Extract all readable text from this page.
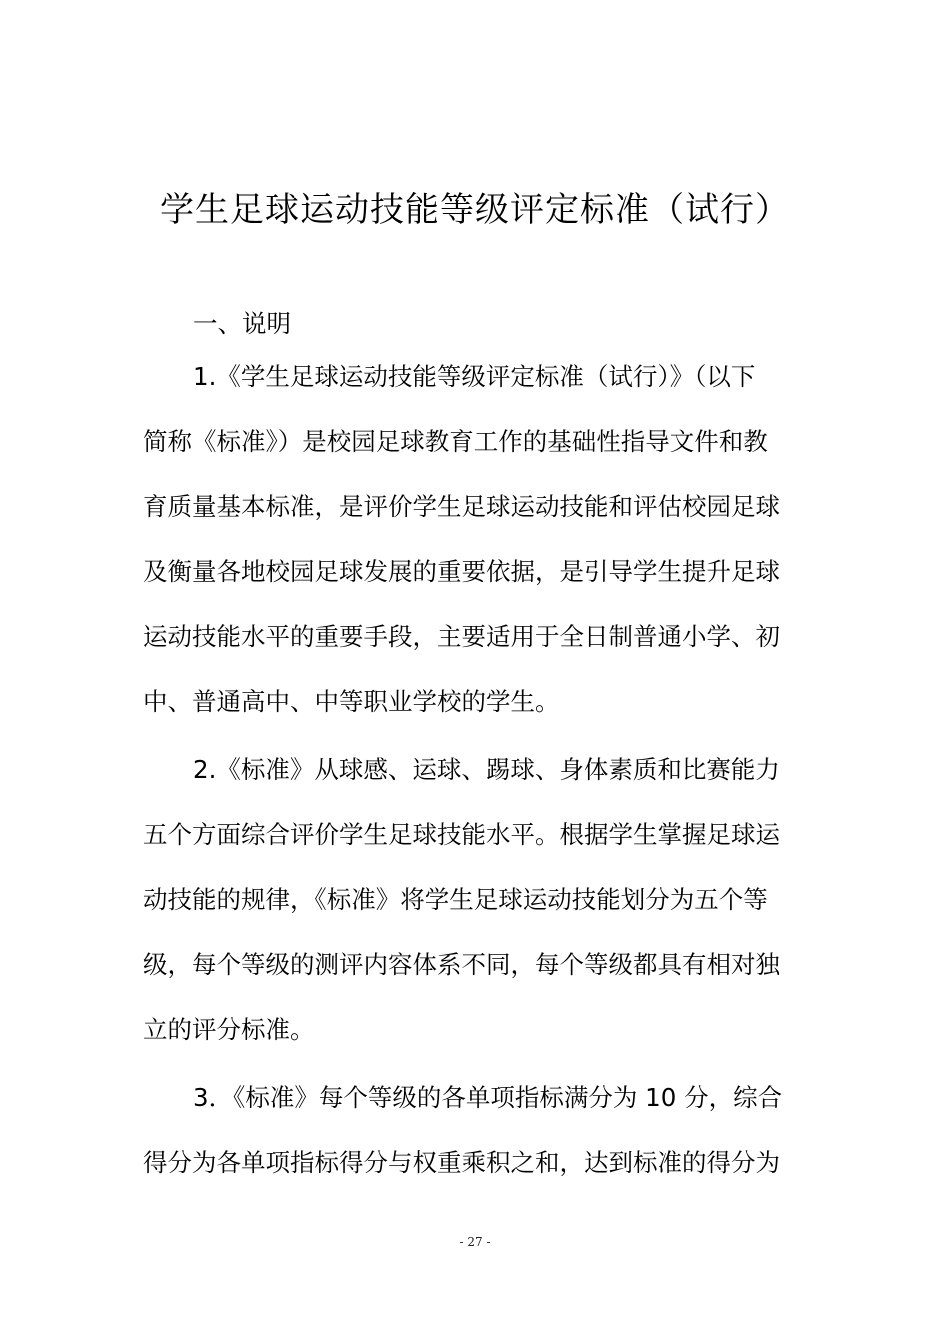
学生足球运动技能等级评定标准（试行）
一、说明
1.《学生足球运动技能等级评定标准（试行）》（以下
简称《标准》）是校园足球教育工作的基础性指导文件和教
育质量基本标准，是评价学生足球运动技能和评估校园足球
及衡量各地校园足球发展的重要依据，是引导学生提升足球
运动技能水平的重要手段，主要适用于全日制普通小学、初
中、普通高中、中等职业学校的学生。
2.《标准》从球感、运球、踢球、身体素质和比赛能力
五个方面综合评价学生足球技能水平。根据学生掌握足球运
动技能的规律，《标准》将学生足球运动技能划分为五个等
级，每个等级的测评内容体系不同，每个等级都具有相对独
立的评分标准。
3．《标准》每个等级的各单项指标满分为 10 分，综合
得分为各单项指标得分与权重乘积之和，达到标准的得分为
- 27 -
